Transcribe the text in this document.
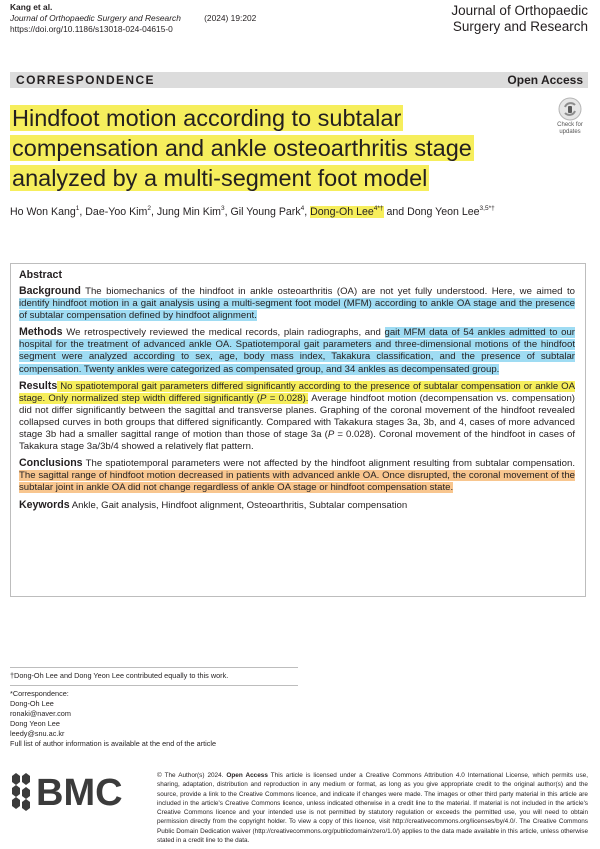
Kang et al.
Journal of Orthopaedic Surgery and Research	(2024) 19:202
https://doi.org/10.1186/s13018-024-04615-0
Journal of Orthopaedic
Surgery and Research
CORRESPONDENCE	Open Access
Hindfoot motion according to subtalar
compensation and ankle osteoarthritis stage
analyzed by a multi-segment foot model
Check for
updates
Ho Won Kang$^1$, Dae-Yoo Kim$^2$, Jung Min Kim$^3$, Gil Young Park$^4$, Dong-Oh Lee$^{4*\dagger}$ and Dong Yeon Lee$^{3,5*\dagger}$
Abstract
Background The biomechanics of the hindfoot in ankle osteoarthritis (OA) are not yet fully understood. Here, we aimed to identify hindfoot motion in a gait analysis using a multi-segment foot model (MFM) according to ankle OA stage and the presence of subtalar compensation defined by hindfoot alignment.
Methods We retrospectively reviewed the medical records, plain radiographs, and gait MFM data of 54 ankles admitted to our hospital for the treatment of advanced ankle OA. Spatiotemporal gait parameters and three-dimensional motions of the hindfoot segment were analyzed according to sex, age, body mass index, Takakura classification, and the presence of subtalar compensation. Twenty ankles were categorized as compensated group, and 34 ankles as decompensated group.
Results No spatiotemporal gait parameters differed significantly according to the presence of subtalar compensation or ankle OA stage. Only normalized step width differed significantly (P = 0.028). Average hindfoot motion (decompensation vs. compensation) did not differ significantly between the sagittal and transverse planes. Graphing of the coronal movement of the hindfoot revealed collapsed curves in both groups that differed significantly. Compared with Takakura stages 3a, 3b, and 4, cases of more advanced stage 3b had a smaller sagittal range of motion than those of stage 3a (P = 0.028). Coronal movement of the hindfoot in cases of Takakura stage 3a/3b/4 showed a relatively flat pattern.
Conclusions The spatiotemporal parameters were not affected by the hindfoot alignment resulting from subtalar compensation. The sagittal range of hindfoot motion decreased in patients with advanced ankle OA. Once disrupted, the coronal movement of the subtalar joint in ankle OA did not change regardless of ankle OA stage or hindfoot compensation state.
Keywords Ankle, Gait analysis, Hindfoot alignment, Osteoarthritis, Subtalar compensation
†Dong-Oh Lee and Dong Yeon Lee contributed equally to this work.
*Correspondence:
Dong-Oh Lee
ronaki@naver.com
Dong Yeon Lee
leedy@snu.ac.kr
Full list of author information is available at the end of the article
BMC	© The Author(s) 2024. Open Access This article is licensed under a Creative Commons Attribution 4.0 International License, which permits use, sharing, adaptation, distribution and reproduction in any medium or format, as long as you give appropriate credit to the original author(s) and the source, provide a link to the Creative Commons licence, and indicate if changes were made. The images or other third party material in this article are included in the article's Creative Commons licence, unless indicated otherwise in a credit line to the material. If material is not included in the article's Creative Commons licence and your intended use is not permitted by statutory regulation or exceeds the permitted use, you will need to obtain permission directly from the copyright holder. To view a copy of this licence, visit http://creativecommons.org/licenses/by/4.0/. The Creative Commons Public Domain Dedication waiver (http://creativecommons.org/publicdomain/zero/1.0/) applies to the data made available in this article, unless otherwise stated in a credit line to the data.
